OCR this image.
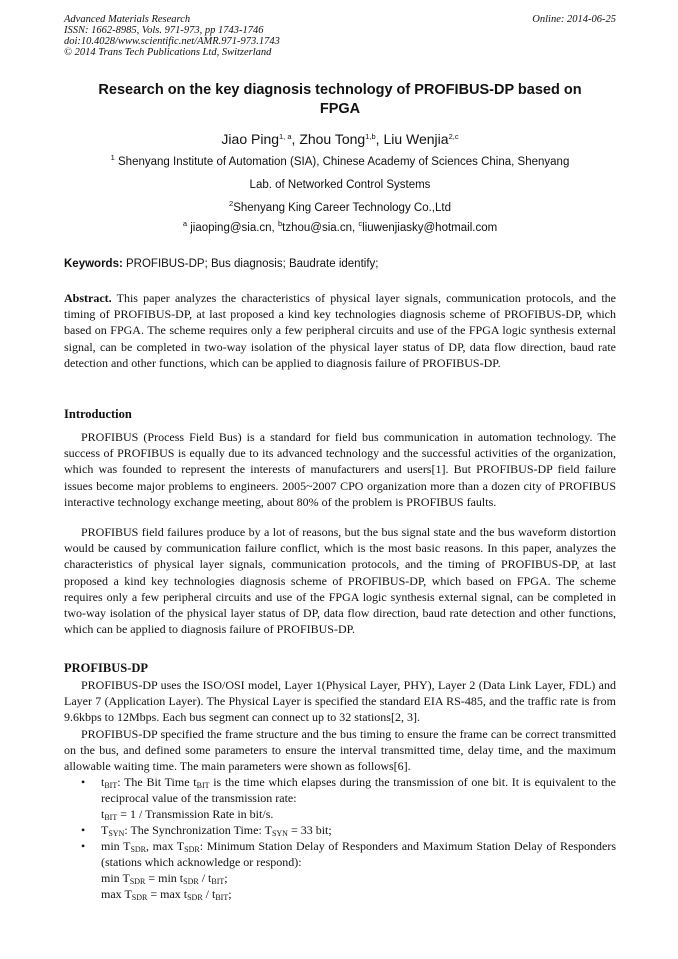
Advanced Materials Research
ISSN: 1662-8985, Vols. 971-973, pp 1743-1746
doi:10.4028/www.scientific.net/AMR.971-973.1743
© 2014 Trans Tech Publications Ltd, Switzerland
Online: 2014-06-25
Research on the key diagnosis technology of PROFIBUS-DP based on
FPGA
Jiao Ping$^{1, a}$, Zhou Tong$^{1,b}$, Liu Wenjia$^{2,c}$
$^1$ Shenyang Institute of Automation (SIA), Chinese Academy of Sciences China, Shenyang
Lab. of Networked Control Systems
$^2$Shenyang King Career Technology Co.,Ltd
$^a$ jiaoping@sia.cn, $^b$tzhou@sia.cn, $^c$liuwenjiasky@hotmail.com
Keywords: PROFIBUS-DP; Bus diagnosis; Baudrate identify;

Abstract. This paper analyzes the characteristics of physical layer signals, communication protocols, and the timing of PROFIBUS-DP, at last proposed a kind key technologies diagnosis scheme of PROFIBUS-DP, which based on FPGA. The scheme requires only a few peripheral circuits and use of the FPGA logic synthesis external signal, can be completed in two-way isolation of the physical layer status of DP, data flow direction, baud rate detection and other functions, which can be applied to diagnosis failure of PROFIBUS-DP.

Introduction

PROFIBUS (Process Field Bus) is a standard for field bus communication in automation technology. The success of PROFIBUS is equally due to its advanced technology and the successful activities of the organization, which was founded to represent the interests of manufacturers and users[1]. But PROFIBUS-DP field failure issues become major problems to engineers. 2005~2007 CPO organization more than a dozen city of PROFIBUS interactive technology exchange meeting, about 80% of the problem is PROFIBUS faults.

PROFIBUS field failures produce by a lot of reasons, but the bus signal state and the bus waveform distortion would be caused by communication failure conflict, which is the most basic reasons. In this paper, analyzes the characteristics of physical layer signals, communication protocols, and the timing of PROFIBUS-DP, at last proposed a kind key technologies diagnosis scheme of PROFIBUS-DP, which based on FPGA. The scheme requires only a few peripheral circuits and use of the FPGA logic synthesis external signal, can be completed in two-way isolation of the physical layer status of DP, data flow direction, baud rate detection and other functions, which can be applied to diagnosis failure of PROFIBUS-DP.

PROFIBUS-DP

PROFIBUS-DP uses the ISO/OSI model, Layer 1(Physical Layer, PHY), Layer 2 (Data Link Layer, FDL) and Layer 7 (Application Layer). The Physical Layer is specified the standard EIA RS-485, and the traffic rate is from 9.6kbps to 12Mbps. Each bus segment can connect up to 32 stations[2, 3].

PROFIBUS-DP specified the frame structure and the bus timing to ensure the frame can be correct transmitted on the bus, and defined some parameters to ensure the interval transmitted time, delay time, and the maximum allowable waiting time. The main parameters were shown as follows[6].

• $t_{BIT}$: The Bit Time $t_{BIT}$ is the time which elapses during the transmission of one bit. It is equivalent to the reciprocal value of the transmission rate:
$t_{BIT} = 1$ / Transmission Rate in bit/s.
• $T_{SYN}$: The Synchronization Time: $T_{SYN} = 33$ bit;
• $\min T_{SDR}$, $\max T_{SDR}$: Minimum Station Delay of Responders and Maximum Station Delay of Responders (stations which acknowledge or respond):
$\min T_{SDR} = \min t_{SDR} / t_{BIT}$;
$\max T_{SDR} = \max t_{SDR} / t_{BIT}$;
